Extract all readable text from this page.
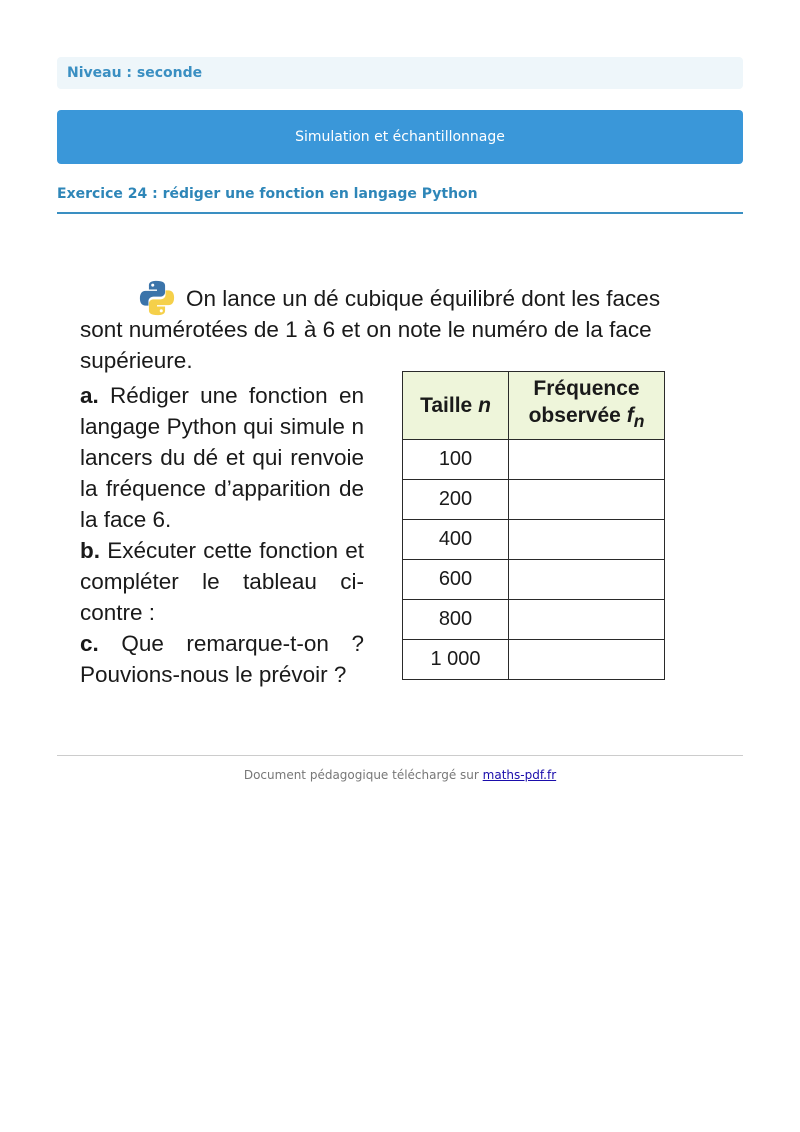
Niveau : seconde
Simulation et échantillonnage
Exercice 24 : rédiger une fonction en langage Python

On lance un dé cubique équilibré dont les faces sont numérotées de 1 à 6 et on note le numéro de la face supérieure.

a. Rédiger une fonction en langage Python qui simule n lancers du dé et qui renvoie la fréquence d’apparition de la face 6.

b. Exécuter cette fonction et compléter le tableau ci-contre :

c. Que remarque-t-on ? Pouvions-nous le prévoir ?

Taille n	Fréquence
observée $f_n$
100	
200	
400	
600	
800	
1 000	
Document pédagogique téléchargé sur maths-pdf.fr
